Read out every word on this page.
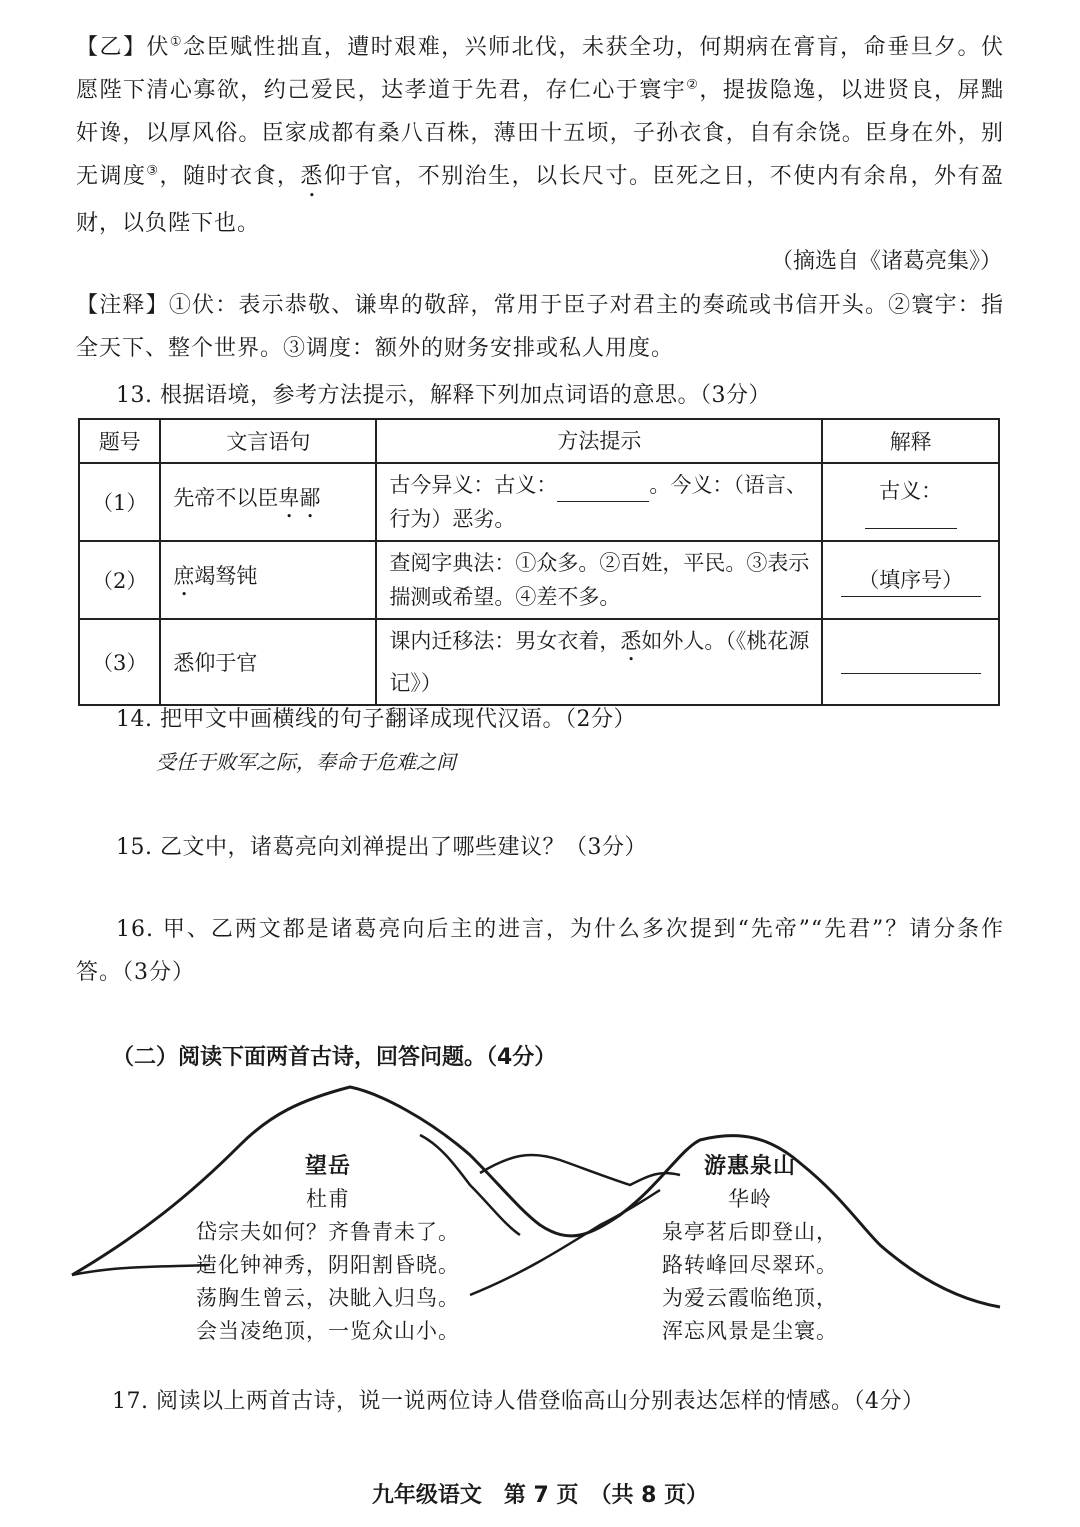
【乙】伏①念臣赋性拙直，遭时艰难，兴师北伐，未获全功，何期病在膏肓，命垂旦夕。伏愿陛下清心寡欲，约己爱民，达孝道于先君，存仁心于寰宇②，提拔隐逸，以进贤良，屏黜奸谗，以厚风俗。臣家成都有桑八百株，薄田十五顷，子孙衣食，自有余饶。臣身在外，别无调度③，随时衣食，悉仰于官，不别治生，以长尺寸。臣死之日，不使内有余帛，外有盈财，以负陛下也。
（摘选自《诸葛亮集》）
【注释】①伏：表示恭敬、谦卑的敬辞，常用于臣子对君主的奏疏或书信开头。②寰宇：指全天下、整个世界。③调度：额外的财务安排或私人用度。
13. 根据语境，参考方法提示，解释下列加点词语的意思。（3分）
题号	文言语句	方法提示	解释
（1）	先帝不以臣卑鄙	古今异义：古义： 。今义：（语言、行为）恶劣。	古义：
（2）	庶竭驽钝	查阅字典法：①众多。②百姓，平民。③表示揣测或希望。④差不多。	（填序号）
（3）	悉仰于官	课内迁移法：男女衣着，悉如外人。（《桃花源记》）	
14. 把甲文中画横线的句子翻译成现代汉语。（2分）
受任于败军之际，奉命于危难之间
15. 乙文中，诸葛亮向刘禅提出了哪些建议？（3分）
16. 甲、乙两文都是诸葛亮向后主的进言，为什么多次提到“先帝”“先君”？请分条作答。（3分）
（二）阅读下面两首古诗，回答问题。（4分）
望岳
杜甫
岱宗夫如何？齐鲁青未了。
造化钟神秀，阴阳割昏晓。
荡胸生曾云，决眦入归鸟。
会当凌绝顶，一览众山小。
游惠泉山
华岭
泉亭茗后即登山，
路转峰回尽翠环。
为爱云霞临绝顶，
浑忘风景是尘寰。
17. 阅读以上两首古诗，说一说两位诗人借登临高山分别表达怎样的情感。（4分）
九年级语文　第 7 页　（共 8 页）
